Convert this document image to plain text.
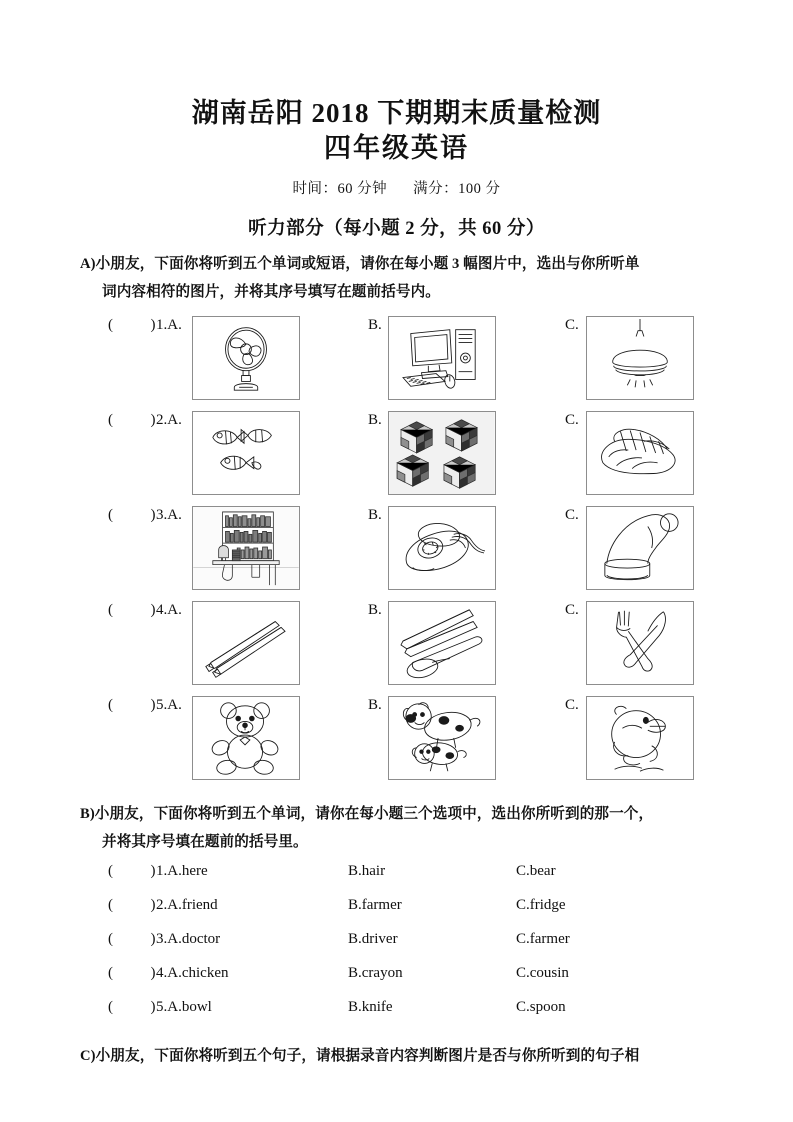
湖南岳阳 2018 下期期末质量检测
四年级英语

时间：60 分钟 满分：100 分

听力部分（每小题 2 分，共 60 分）

A)小朋友，下面你将听到五个单词或短语，请你在每小题 3 幅图片中，选出与你所听单
词内容相符的图片，并将其序号填写在题前括号内。

(          ) 1.A.	B.	C.
(          ) 2.A.	B.	C.
(          ) 3.A.	B.	C.
(          ) 4.A.	B.	C.
(          ) 5.A.	B.	C.

B)小朋友，下面你将听到五个单词，请你在每小题三个选项中，选出你所听到的那一个，
并将其序号填在题前的括号里。

(          ) 1.A.here	B.hair	C.bear
(          ) 2.A.friend	B.farmer	C.fridge
(          ) 3.A.doctor	B.driver	C.farmer
(          ) 4.A.chicken	B.crayon	C.cousin
(          ) 5.A.bowl	B.knife	C.spoon

C)小朋友，下面你将听到五个句子，请根据录音内容判断图片是否与你所听到的句子相
